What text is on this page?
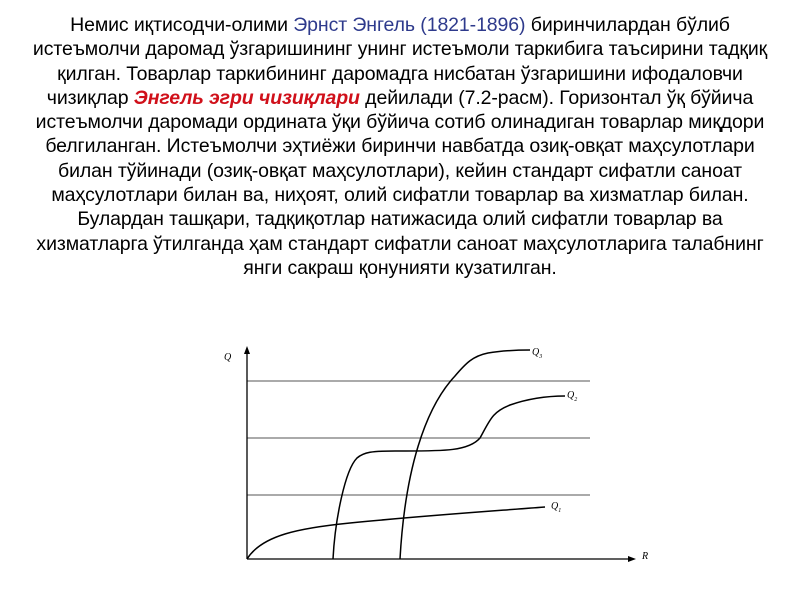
Немис иқтисодчи-олими Эрнст Энгель (1821-1896) биринчилардан бўлиб истеъмолчи даромад ўзгаришининг унинг истеъмоли таркибига таъсирини тадқиқ қилган. Товарлар таркибининг даромадга нисбатан ўзгаришини ифодаловчи чизиқлар Энгель эгри чизиқлари дейилади (7.2-расм). Горизонтал ўқ бўйича истеъмолчи даромади ордината ўқи бўйича сотиб олинадиган товарлар миқдори белгиланган. Истеъмолчи эҳтиёжи биринчи навбатда озиқ-овқат маҳсулотлари билан тўйинади (озиқ-овқат маҳсулотлари), кейин стандарт сифатли саноат маҳсулотлари билан ва, ниҳоят, олий сифатли товарлар ва хизматлар билан. Булардан ташқари, тадқиқотлар натижасида олий сифатли товарлар ва хизматларга ўтилганда ҳам стандарт сифатли саноат маҳсулотларига талабнинг янги сакраш қонунияти кузатилган.
Q
R
$Q_1$
$Q_2$
$Q_3$
